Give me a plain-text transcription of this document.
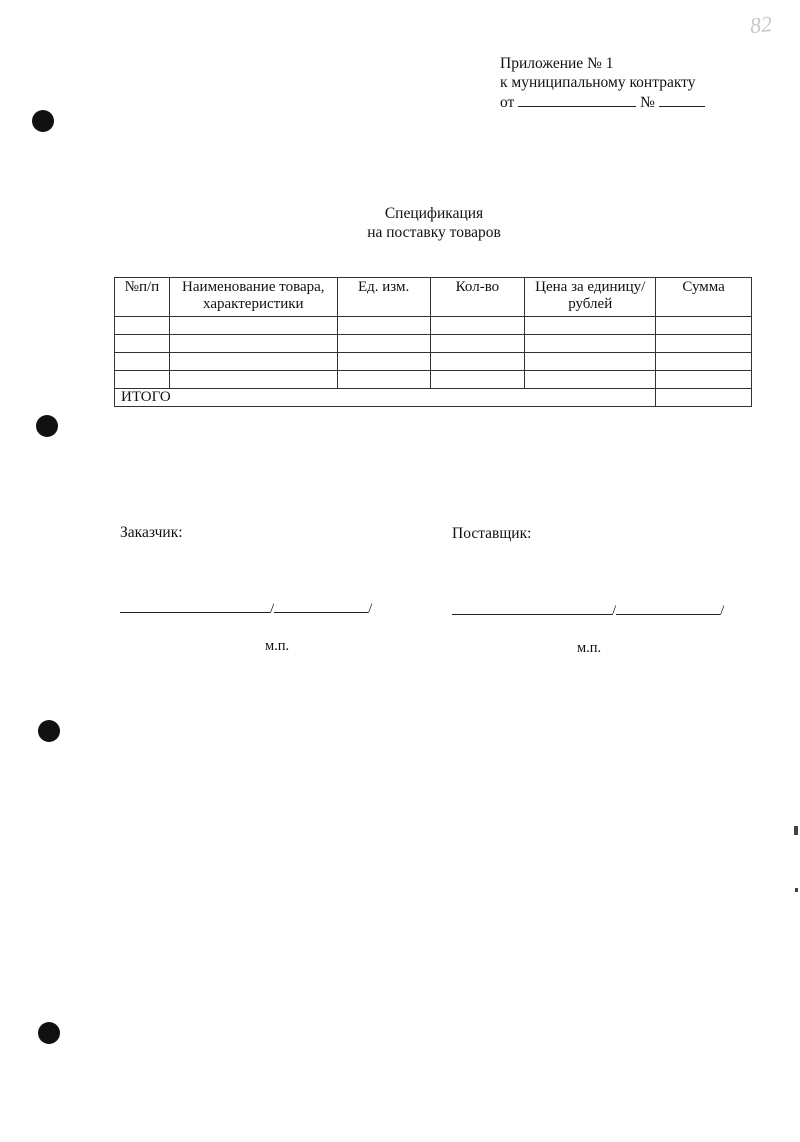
82
Приложение № 1
к муниципальному контракту
от	№
Спецификация
на поставку товаров
№п/п	Наименование товара, характеристики	Ед. изм.	Кол-во	Цена за единицу/рублей	Сумма

ИТОГО					
Заказчик:	Поставщик:
/	/	/	/
м.п.	м.п.
